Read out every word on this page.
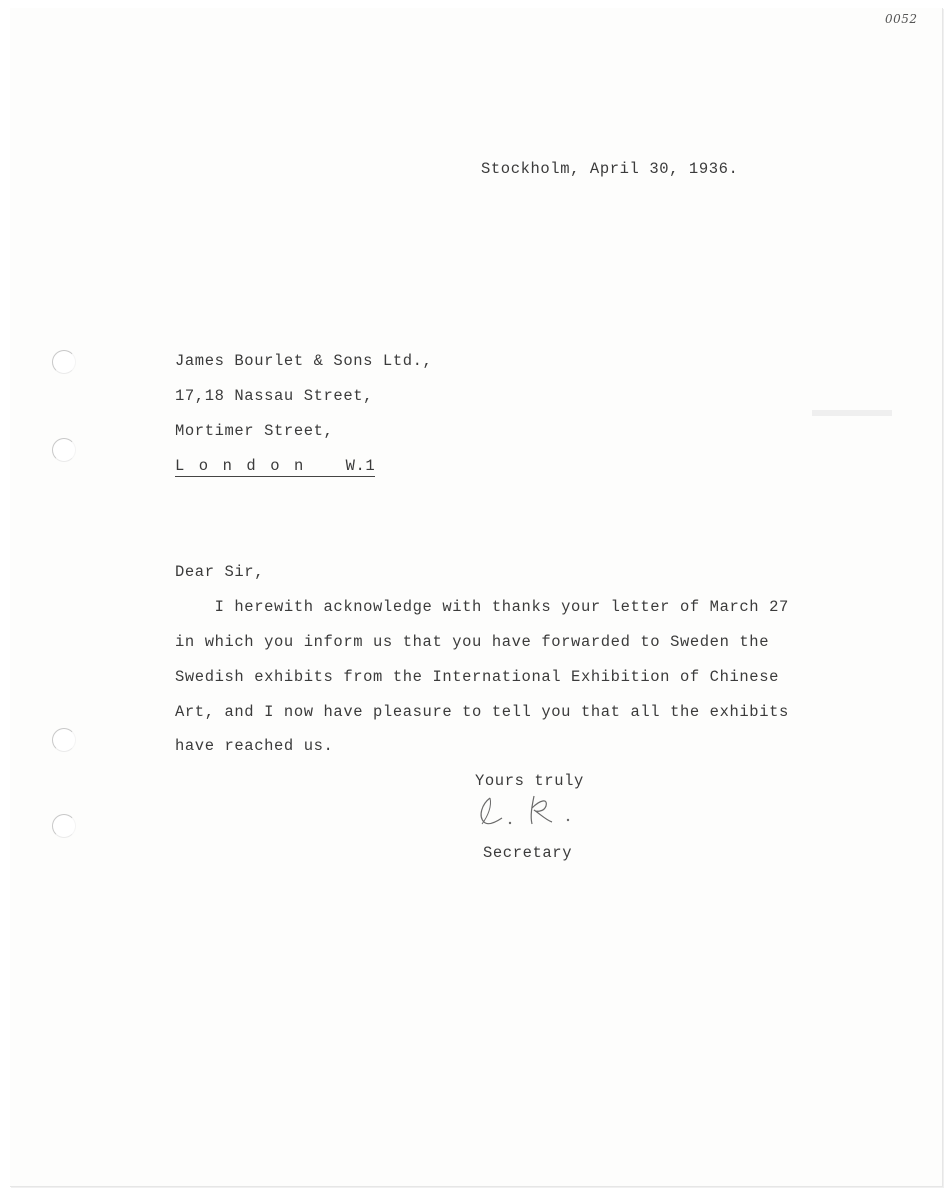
0052
Stockholm, April 30, 1936.
James Bourlet & Sons Ltd.,
17,18 Nassau Street,
Mortimer Street,
L o n d o n   W.1
Dear Sir,
I herewith acknowledge with thanks your letter of March 27
in which you inform us that you have forwarded to Sweden the
Swedish exhibits from the International Exhibition of Chinese
Art, and I now have pleasure to tell you that all the exhibits
have reached us.
Yours truly
Secretary
